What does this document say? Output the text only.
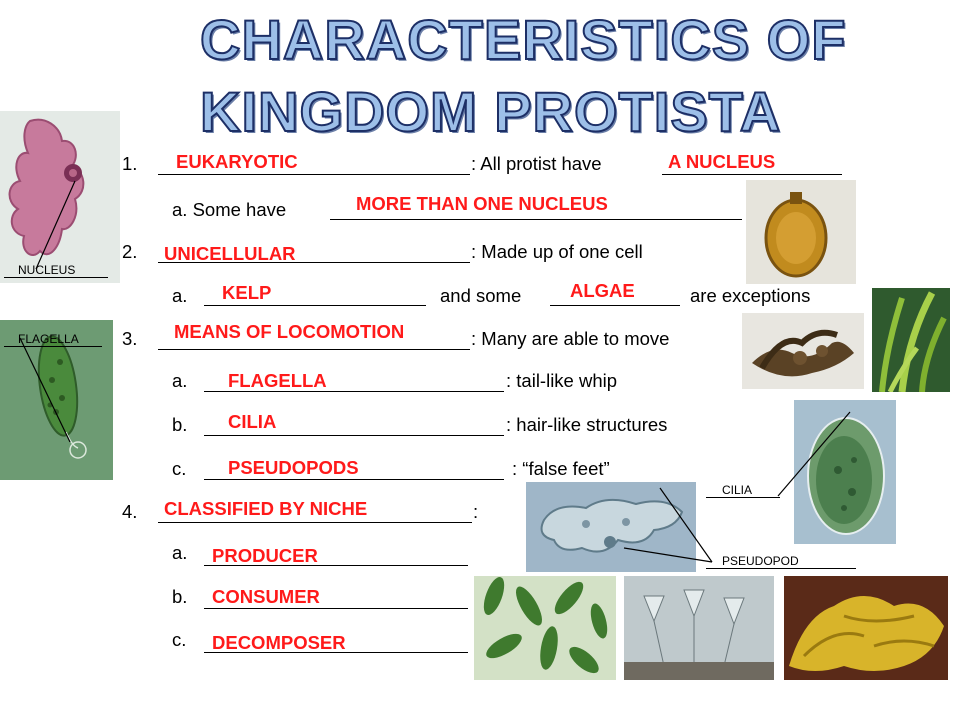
CHARACTERISTICS OF
KINGDOM PROTISTA
1. EUKARYOTIC	: All protist have	A NUCLEUS
a. Some have	MORE THAN ONE NUCLEUS
2. UNICELLULAR	: Made up of one cell
a. KELP	and some	ALGAE	are exceptions
3. MEANS OF LOCOMOTION	: Many are able to move
a. FLAGELLA	: tail-like whip
b. CILIA	: hair-like structures
c. PSEUDOPODS	: “false feet”
4. CLASSIFIED BY NICHE	:
a. PRODUCER
b. CONSUMER
c. DECOMPOSER
NUCLEUS
FLAGELLA
CILIA
PSEUDOPOD
